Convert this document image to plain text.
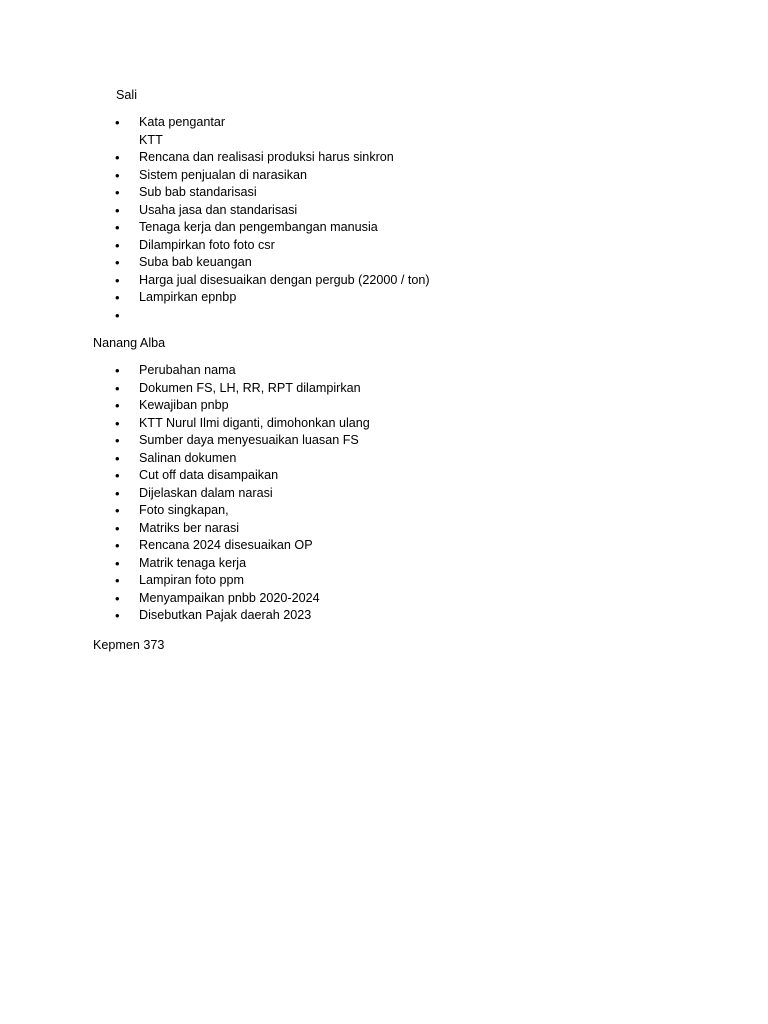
Sali

•	Kata pengantar
KTT
•	Rencana dan realisasi produksi harus sinkron
•	Sistem penjualan di narasikan
•	Sub bab standarisasi
•	Usaha jasa dan standarisasi
•	Tenaga kerja dan pengembangan manusia
•	Dilampirkan foto foto csr
•	Suba bab keuangan
•	Harga jual disesuaikan dengan pergub (22000 / ton)
•	Lampirkan epnbp
•

Nanang Alba

•	Perubahan nama
•	Dokumen FS, LH, RR, RPT dilampirkan
•	Kewajiban pnbp
•	KTT Nurul Ilmi diganti, dimohonkan ulang
•	Sumber daya menyesuaikan luasan FS
•	Salinan dokumen
•	Cut off data disampaikan
•	Dijelaskan dalam narasi
•	Foto singkapan,
•	Matriks ber narasi
•	Rencana 2024 disesuaikan OP
•	Matrik tenaga kerja
•	Lampiran foto ppm
•	Menyampaikan pnbb 2020-2024
•	Disebutkan Pajak daerah 2023

Kepmen 373
